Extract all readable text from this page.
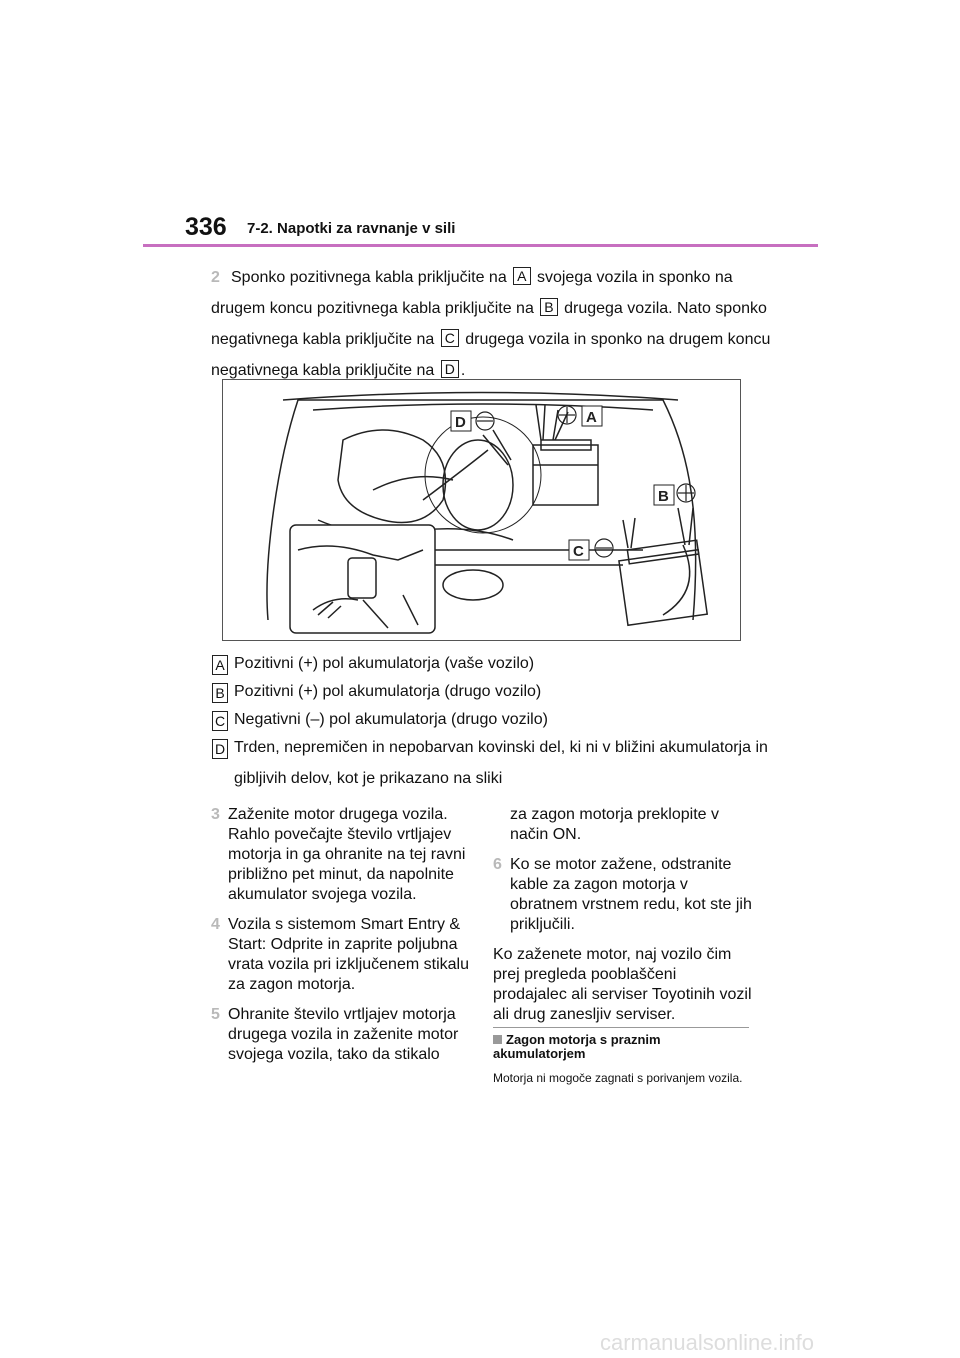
336 7-2. Napotki za ravnanje v sili
2 Sponko pozitivnega kabla priključite na A svojega vozila in sponko na drugem koncu pozitivnega kabla priključite na B drugega vozila. Nato sponko negativnega kabla priključite na C drugega vozila in sponko na drugem koncu negativnega kabla priključite na D .
D	A
B
C
A Pozitivni (+) pol akumulatorja (vaše vozilo)
B Pozitivni (+) pol akumulatorja (drugo vozilo)
C Negativni (–) pol akumulatorja (drugo vozilo)
D Trden, nepremičen in nepobarvan kovinski del, ki ni v bližini akumulatorja in gibljivih delov, kot je prikazano na sliki
3 Zaženite motor drugega vozila. Rahlo povečajte število vrtljajev motorja in ga ohranite na tej ravni približno pet minut, da napolnite akumulator svojega vozila.
4 Vozila s sistemom Smart Entry & Start: Odprite in zaprite poljubna vrata vozila pri izključenem stikalu za zagon motorja.
5 Ohranite število vrtljajev motorja drugega vozila in zaženite motor svojega vozila, tako da stikalo
za zagon motorja preklopite v način ON.
6 Ko se motor zažene, odstranite kable za zagon motorja v obratnem vrstnem redu, kot ste jih priključili.

Ko zaženete motor, naj vozilo čim prej pregleda pooblaščeni prodajalec ali serviser Toyotinih vozil ali drug zanesljiv serviser.

Zagon motorja s praznim akumulatorjem
Motorja ni mogoče zagnati s porivanjem vozila.
carmanualsonline.info
